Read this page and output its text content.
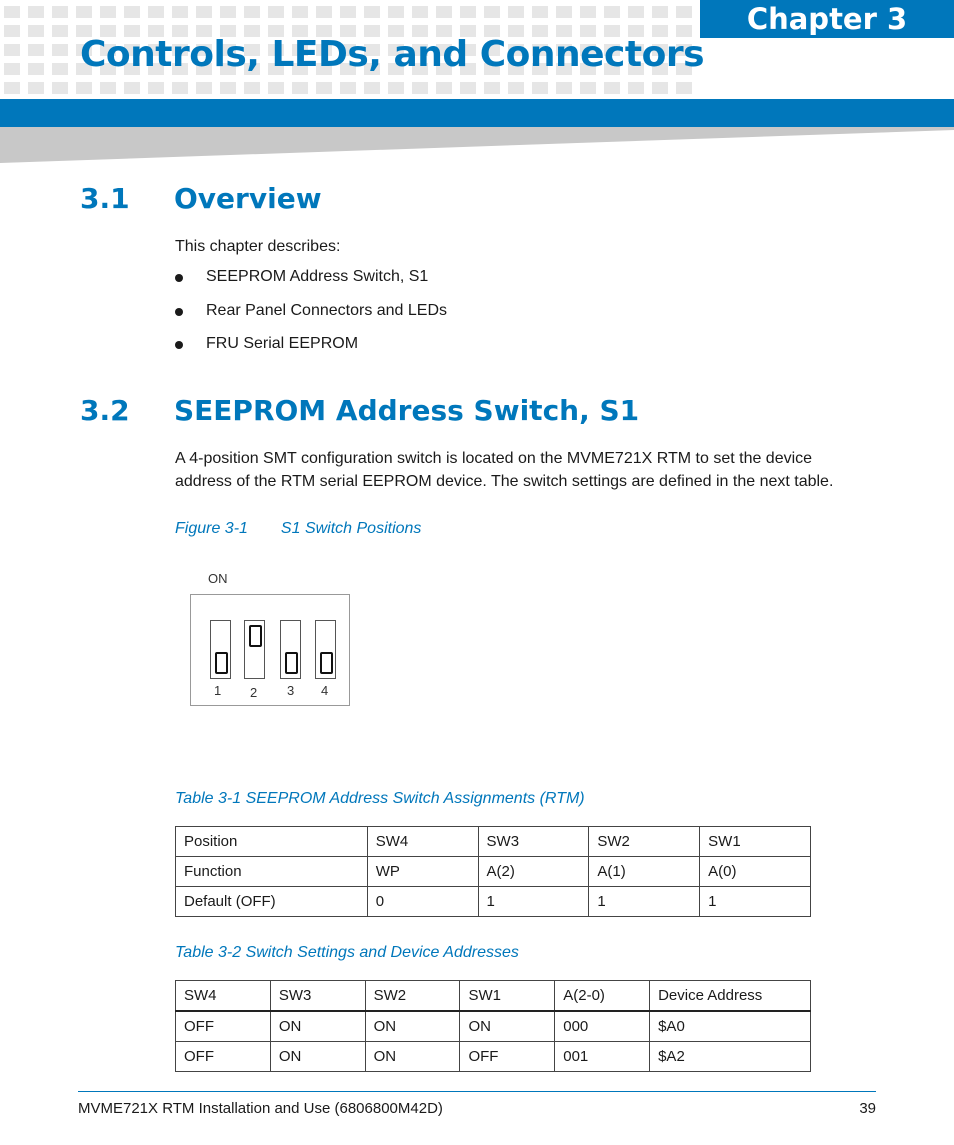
Chapter 3
Controls, LEDs, and Connectors
3.1 Overview
This chapter describes:
SEEPROM Address Switch, S1
Rear Panel Connectors and LEDs
FRU Serial EEPROM
3.2 SEEPROM Address Switch, S1
A 4-position SMT configuration switch is located on the MVME721X RTM to set the device
address of the RTM serial EEPROM device. The switch settings are defined in the next table.
Figure 3-1 S1 Switch Positions
ON
1 2 3 4
Table 3-1 SEEPROM Address Switch Assignments (RTM)
Position	SW4	SW3	SW2	SW1
Function	WP	A(2)	A(1)	A(0)
Default (OFF)	0	1	1	1
Table 3-2 Switch Settings and Device Addresses
SW4	SW3	SW2	SW1	A(2-0)	Device Address
OFF	ON	ON	ON	000	$A0
OFF	ON	ON	OFF	001	$A2
MVME721X RTM Installation and Use (6806800M42D)	39
